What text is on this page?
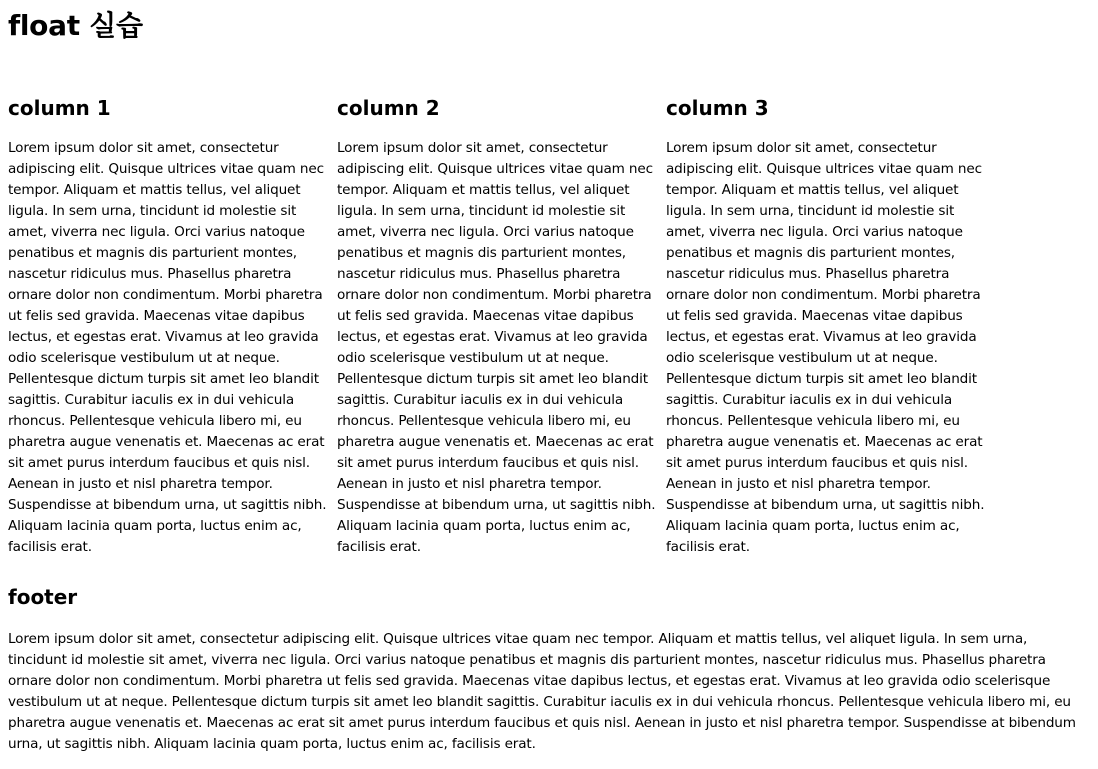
float 실습
column 1

Lorem ipsum dolor sit amet, consectetur adipiscing elit. Quisque ultrices vitae quam nec tempor. Aliquam et mattis tellus, vel aliquet ligula. In sem urna, tincidunt id molestie sit amet, viverra nec ligula. Orci varius natoque penatibus et magnis dis parturient montes, nascetur ridiculus mus. Phasellus pharetra ornare dolor non condimentum. Morbi pharetra ut felis sed gravida. Maecenas vitae dapibus lectus, et egestas erat. Vivamus at leo gravida odio scelerisque vestibulum ut at neque. Pellentesque dictum turpis sit amet leo blandit sagittis. Curabitur iaculis ex in dui vehicula rhoncus. Pellentesque vehicula libero mi, eu pharetra augue venenatis et. Maecenas ac erat sit amet purus interdum faucibus et quis nisl. Aenean in justo et nisl pharetra tempor. Suspendisse at bibendum urna, ut sagittis nibh. Aliquam lacinia quam porta, luctus enim ac, facilisis erat.

column 2

Lorem ipsum dolor sit amet, consectetur adipiscing elit. Quisque ultrices vitae quam nec tempor. Aliquam et mattis tellus, vel aliquet ligula. In sem urna, tincidunt id molestie sit amet, viverra nec ligula. Orci varius natoque penatibus et magnis dis parturient montes, nascetur ridiculus mus. Phasellus pharetra ornare dolor non condimentum. Morbi pharetra ut felis sed gravida. Maecenas vitae dapibus lectus, et egestas erat. Vivamus at leo gravida odio scelerisque vestibulum ut at neque. Pellentesque dictum turpis sit amet leo blandit sagittis. Curabitur iaculis ex in dui vehicula rhoncus. Pellentesque vehicula libero mi, eu pharetra augue venenatis et. Maecenas ac erat sit amet purus interdum faucibus et quis nisl. Aenean in justo et nisl pharetra tempor. Suspendisse at bibendum urna, ut sagittis nibh. Aliquam lacinia quam porta, luctus enim ac, facilisis erat.

column 3

Lorem ipsum dolor sit amet, consectetur adipiscing elit. Quisque ultrices vitae quam nec tempor. Aliquam et mattis tellus, vel aliquet ligula. In sem urna, tincidunt id molestie sit amet, viverra nec ligula. Orci varius natoque penatibus et magnis dis parturient montes, nascetur ridiculus mus. Phasellus pharetra ornare dolor non condimentum. Morbi pharetra ut felis sed gravida. Maecenas vitae dapibus lectus, et egestas erat. Vivamus at leo gravida odio scelerisque vestibulum ut at neque. Pellentesque dictum turpis sit amet leo blandit sagittis. Curabitur iaculis ex in dui vehicula rhoncus. Pellentesque vehicula libero mi, eu pharetra augue venenatis et. Maecenas ac erat sit amet purus interdum faucibus et quis nisl. Aenean in justo et nisl pharetra tempor. Suspendisse at bibendum urna, ut sagittis nibh. Aliquam lacinia quam porta, luctus enim ac, facilisis erat.

footer

Lorem ipsum dolor sit amet, consectetur adipiscing elit. Quisque ultrices vitae quam nec tempor. Aliquam et mattis tellus, vel aliquet ligula. In sem urna, tincidunt id molestie sit amet, viverra nec ligula. Orci varius natoque penatibus et magnis dis parturient montes, nascetur ridiculus mus. Phasellus pharetra ornare dolor non condimentum. Morbi pharetra ut felis sed gravida. Maecenas vitae dapibus lectus, et egestas erat. Vivamus at leo gravida odio scelerisque vestibulum ut at neque. Pellentesque dictum turpis sit amet leo blandit sagittis. Curabitur iaculis ex in dui vehicula rhoncus. Pellentesque vehicula libero mi, eu pharetra augue venenatis et. Maecenas ac erat sit amet purus interdum faucibus et quis nisl. Aenean in justo et nisl pharetra tempor. Suspendisse at bibendum urna, ut sagittis nibh. Aliquam lacinia quam porta, luctus enim ac, facilisis erat.
